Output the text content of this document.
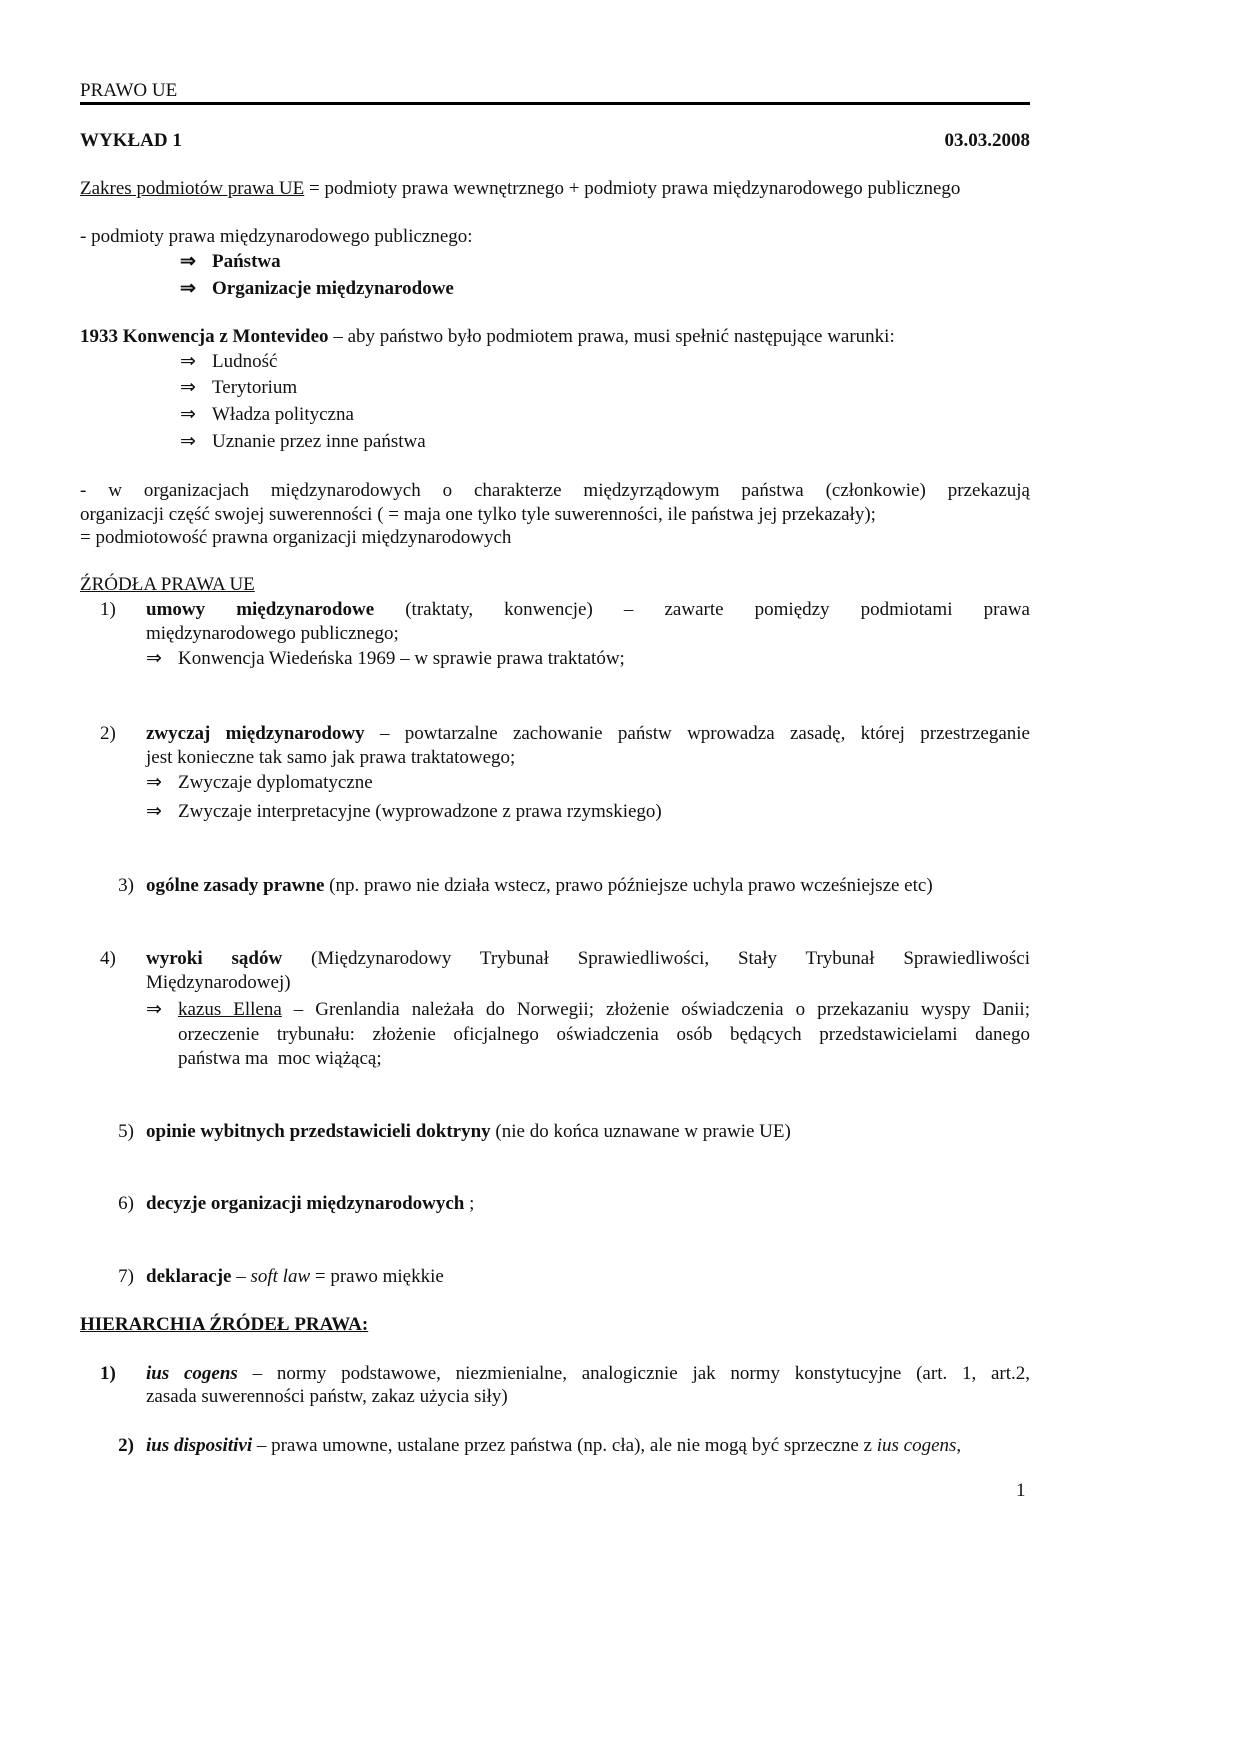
PRAWO UE
WYKŁAD 1	03.03.2008
Zakres podmiotów prawa UE = podmioty prawa wewnętrznego + podmioty prawa międzynarodowego publicznego
- podmioty prawa międzynarodowego publicznego:
⇒ Państwa
⇒ Organizacje międzynarodowe
1933 Konwencja z Montevideo – aby państwo było podmiotem prawa, musi spełnić następujące warunki:
⇒ Ludność
⇒ Terytorium
⇒ Władza polityczna
⇒ Uznanie przez inne państwa
- w organizacjach międzynarodowych o charakterze międzyrządowym państwa (członkowie) przekazują
organizacji część swojej suwerenności ( = maja one tylko tyle suwerenności, ile państwa jej przekazały);
= podmiotowość prawna organizacji międzynarodowych
ŹRÓDŁA PRAWA UE
1) umowy międzynarodowe (traktaty, konwencje) – zawarte pomiędzy podmiotami prawa
międzynarodowego publicznego;
⇒ Konwencja Wiedeńska 1969 – w sprawie prawa traktatów;
2) zwyczaj międzynarodowy – powtarzalne zachowanie państw wprowadza zasadę, której przestrzeganie
jest konieczne tak samo jak prawa traktatowego;
⇒ Zwyczaje dyplomatyczne
⇒ Zwyczaje interpretacyjne (wyprowadzone z prawa rzymskiego)
3) ogólne zasady prawne (np. prawo nie działa wstecz, prawo późniejsze uchyla prawo wcześniejsze etc)
4) wyroki sądów (Międzynarodowy Trybunał Sprawiedliwości, Stały Trybunał Sprawiedliwości
Międzynarodowej)
⇒ kazus Ellena – Grenlandia należała do Norwegii; złożenie oświadczenia o przekazaniu wyspy Danii;
orzeczenie trybunału: złożenie oficjalnego oświadczenia osób będących przedstawicielami danego
państwa ma  moc wiążącą;
5) opinie wybitnych przedstawicieli doktryny (nie do końca uznawane w prawie UE)
6) decyzje organizacji międzynarodowych ;
7) deklaracje – soft law = prawo miękkie
HIERARCHIA ŹRÓDEŁ PRAWA:
1) ius cogens – normy podstawowe, niezmienialne, analogicznie jak normy konstytucyjne (art. 1, art.2,
zasada suwerenności państw, zakaz użycia siły)
2) ius dispositivi – prawa umowne, ustalane przez państwa (np. cła), ale nie mogą być sprzeczne z ius cogens,
1
